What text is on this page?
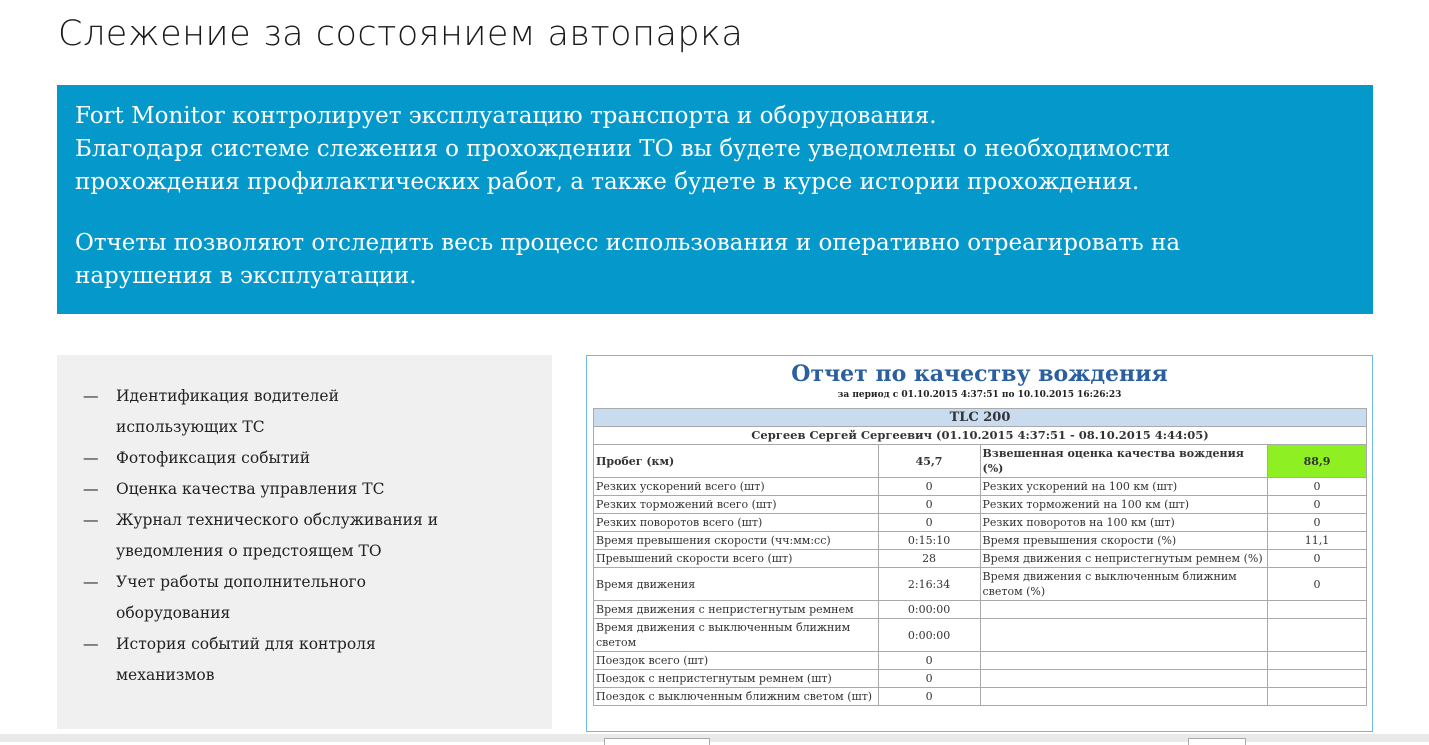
Слежение за состоянием автопарка
Fort Monitor контролирует эксплуатацию транспорта и оборудования.
Благодаря системе слежения о прохождении ТО вы будете уведомлены о необходимости
прохождения профилактических работ, а также будете в курсе истории прохождения.
Отчеты позволяют отследить весь процесс использования и оперативно отреагировать на
нарушения в эксплуатации.
—	Идентификация водителей
использующих ТС
—	Фотофиксация событий
—	Оценка качества управления ТС
—	Журнал технического обслуживания и
уведомления о предстоящем ТО
—	Учет работы дополнительного
оборудования
—	История событий для контроля
механизмов
Отчет по качеству вождения
за период с 01.10.2015 4:37:51 по 10.10.2015 16:26:23
TLC 200			
Сергеев Сергей Сергеевич (01.10.2015 4:37:51 - 08.10.2015 4:44:05)			
Пробег (км)	45,7	Взвешенная оценка качества вождения (%)	88,9
Резких ускорений всего (шт)	0	Резких ускорений на 100 км (шт)	0
Резких торможений всего (шт)	0	Резких торможений на 100 км (шт)	0
Резких поворотов всего (шт)	0	Резких поворотов на 100 км (шт)	0
Время превышения скорости (чч:мм:сс)	0:15:10	Время превышения скорости (%)	11,1
Превышений скорости всего (шт)	28	Время движения с непристегнутым ремнем (%)	0
Время движения	2:16:34	Время движения с выключенным ближним светом (%)	0
Время движения с непристегнутым ремнем	0:00:00		
Время движения с выключенным ближним светом	0:00:00		
Поездок всего (шт)	0		
Поездок с непристегнутым ремнем (шт)	0		
Поездок с выключенным ближним светом (шт)	0		
